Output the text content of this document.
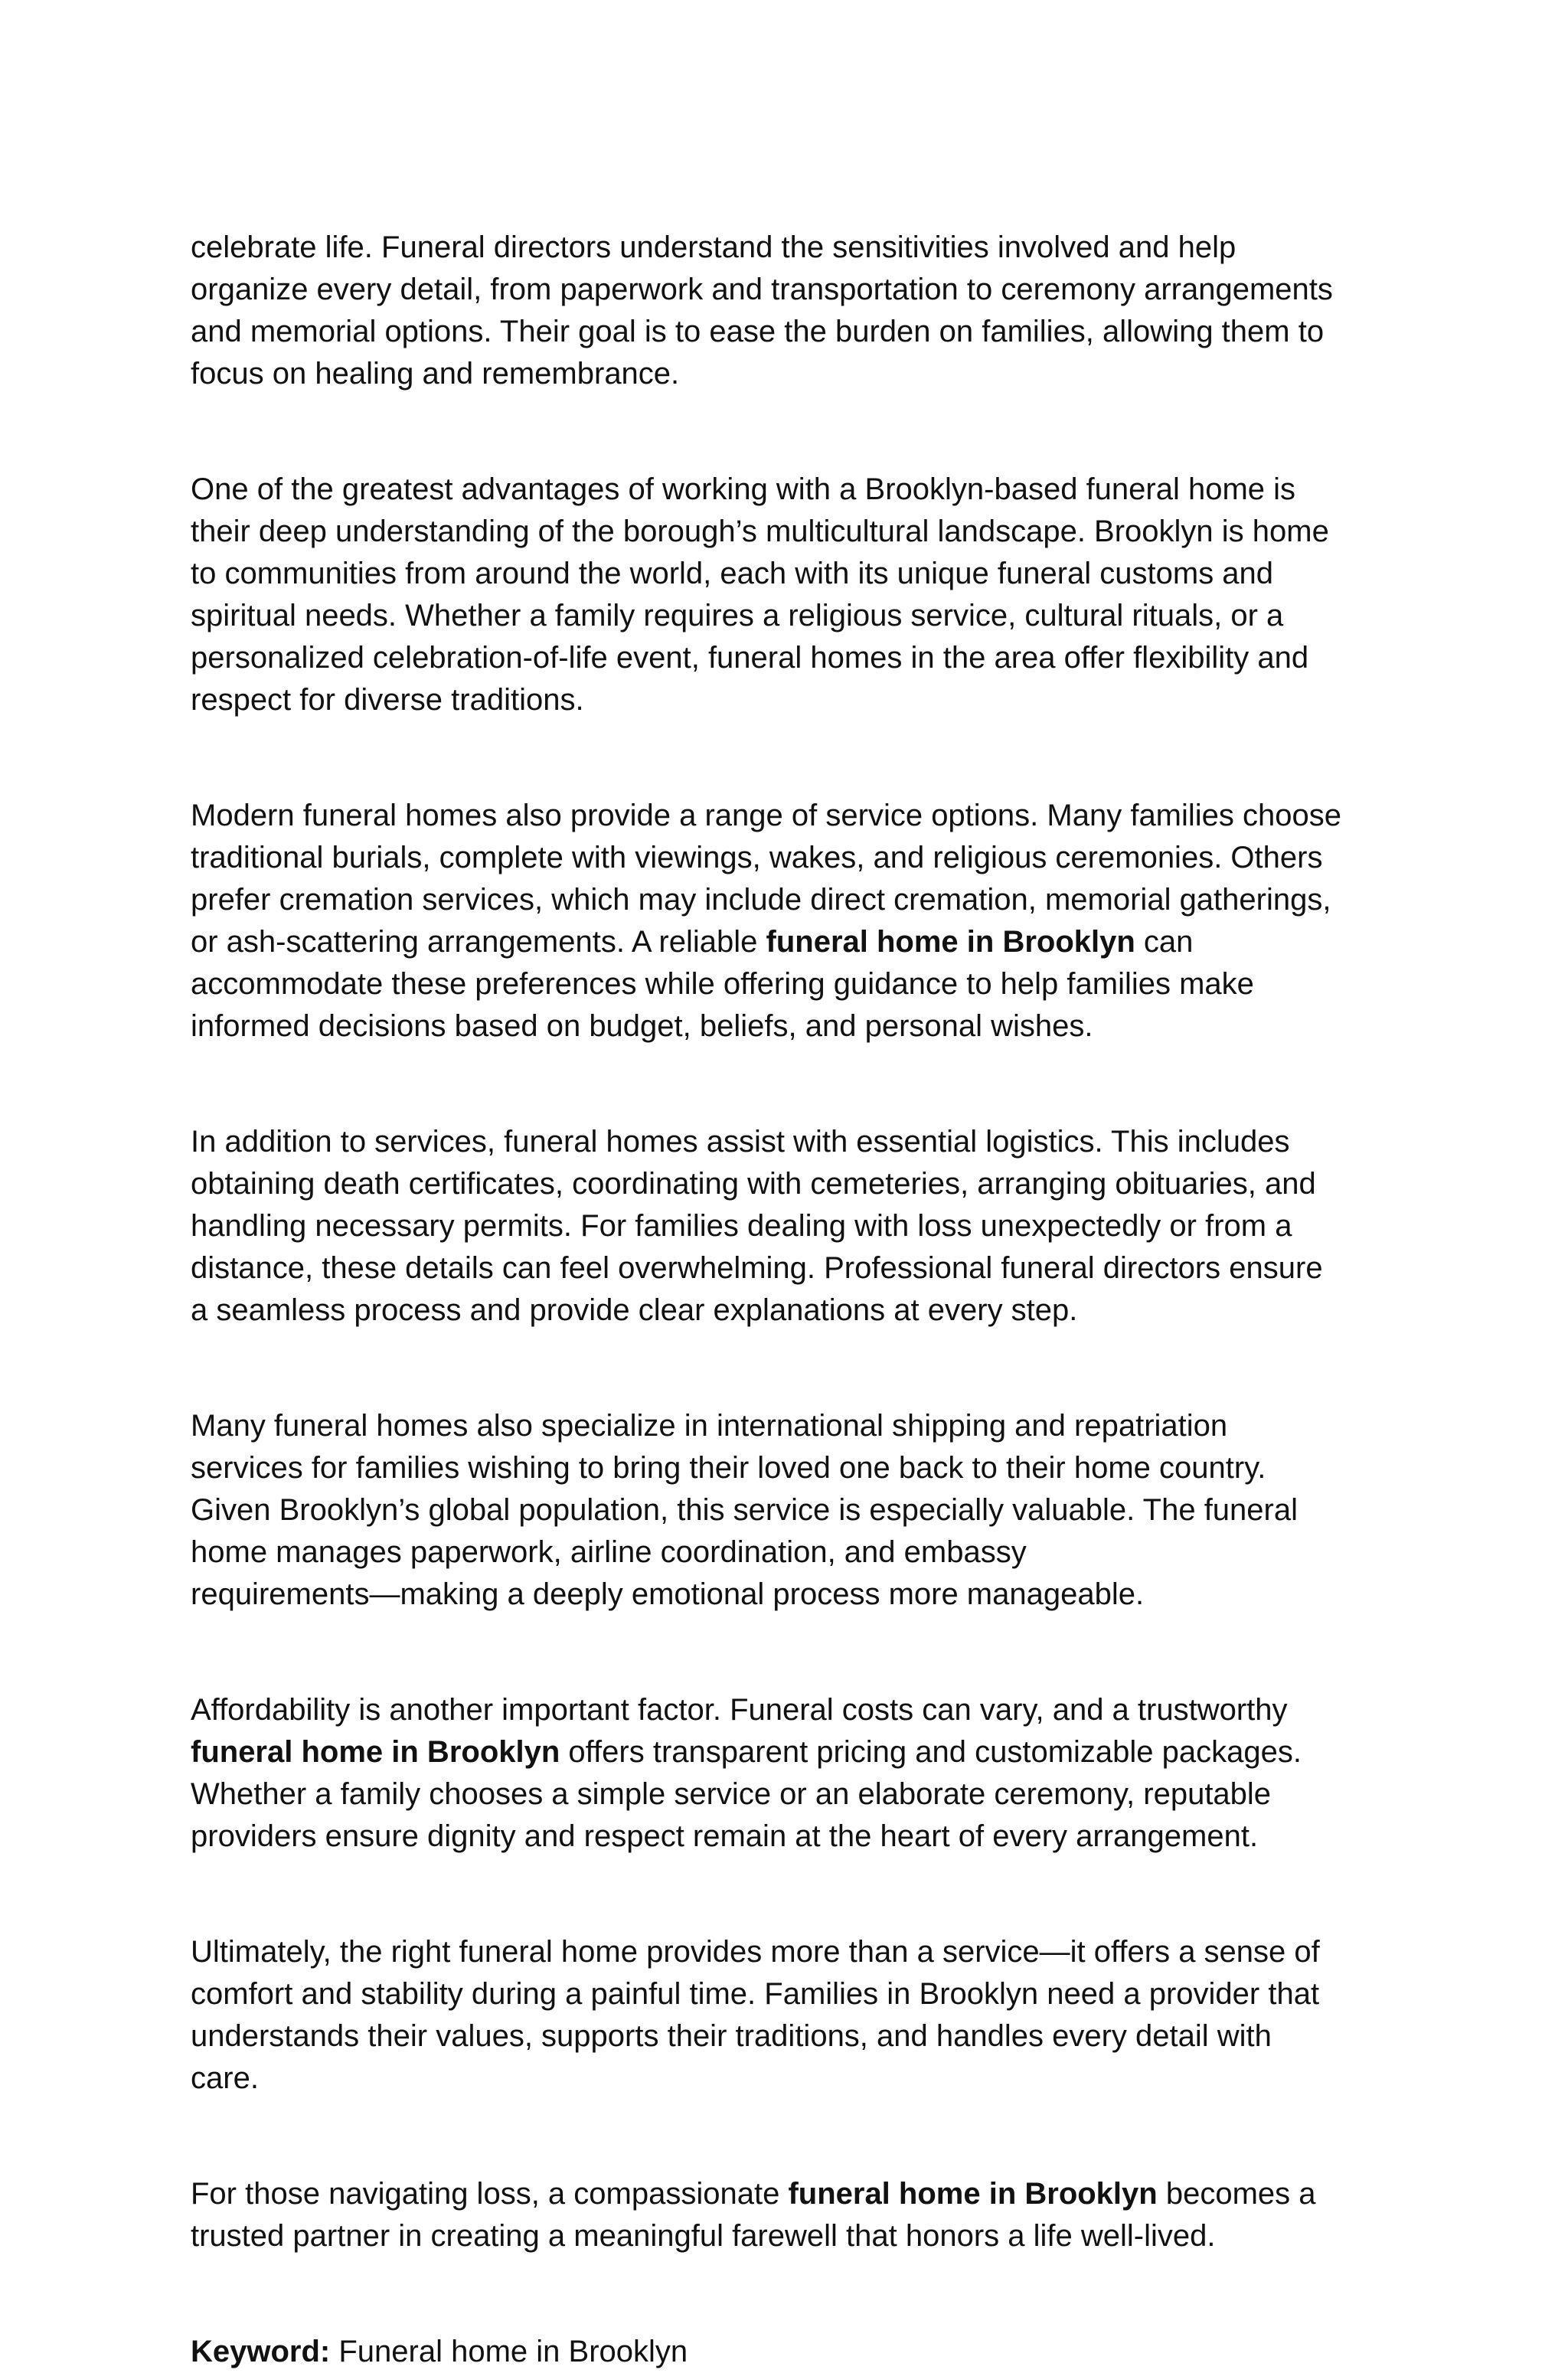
celebrate life. Funeral directors understand the sensitivities involved and help
organize every detail, from paperwork and transportation to ceremony arrangements
and memorial options. Their goal is to ease the burden on families, allowing them to
focus on healing and remembrance.

One of the greatest advantages of working with a Brooklyn-based funeral home is
their deep understanding of the borough’s multicultural landscape. Brooklyn is home
to communities from around the world, each with its unique funeral customs and
spiritual needs. Whether a family requires a religious service, cultural rituals, or a
personalized celebration-of-life event, funeral homes in the area offer flexibility and
respect for diverse traditions.

Modern funeral homes also provide a range of service options. Many families choose
traditional burials, complete with viewings, wakes, and religious ceremonies. Others
prefer cremation services, which may include direct cremation, memorial gatherings,
or ash-scattering arrangements. A reliable funeral home in Brooklyn can
accommodate these preferences while offering guidance to help families make
informed decisions based on budget, beliefs, and personal wishes.

In addition to services, funeral homes assist with essential logistics. This includes
obtaining death certificates, coordinating with cemeteries, arranging obituaries, and
handling necessary permits. For families dealing with loss unexpectedly or from a
distance, these details can feel overwhelming. Professional funeral directors ensure
a seamless process and provide clear explanations at every step.

Many funeral homes also specialize in international shipping and repatriation
services for families wishing to bring their loved one back to their home country.
Given Brooklyn’s global population, this service is especially valuable. The funeral
home manages paperwork, airline coordination, and embassy
requirements—making a deeply emotional process more manageable.

Affordability is another important factor. Funeral costs can vary, and a trustworthy
funeral home in Brooklyn offers transparent pricing and customizable packages.
Whether a family chooses a simple service or an elaborate ceremony, reputable
providers ensure dignity and respect remain at the heart of every arrangement.

Ultimately, the right funeral home provides more than a service—it offers a sense of
comfort and stability during a painful time. Families in Brooklyn need a provider that
understands their values, supports their traditions, and handles every detail with
care.

For those navigating loss, a compassionate funeral home in Brooklyn becomes a
trusted partner in creating a meaningful farewell that honors a life well-lived.

Keyword: Funeral home in Brooklyn
